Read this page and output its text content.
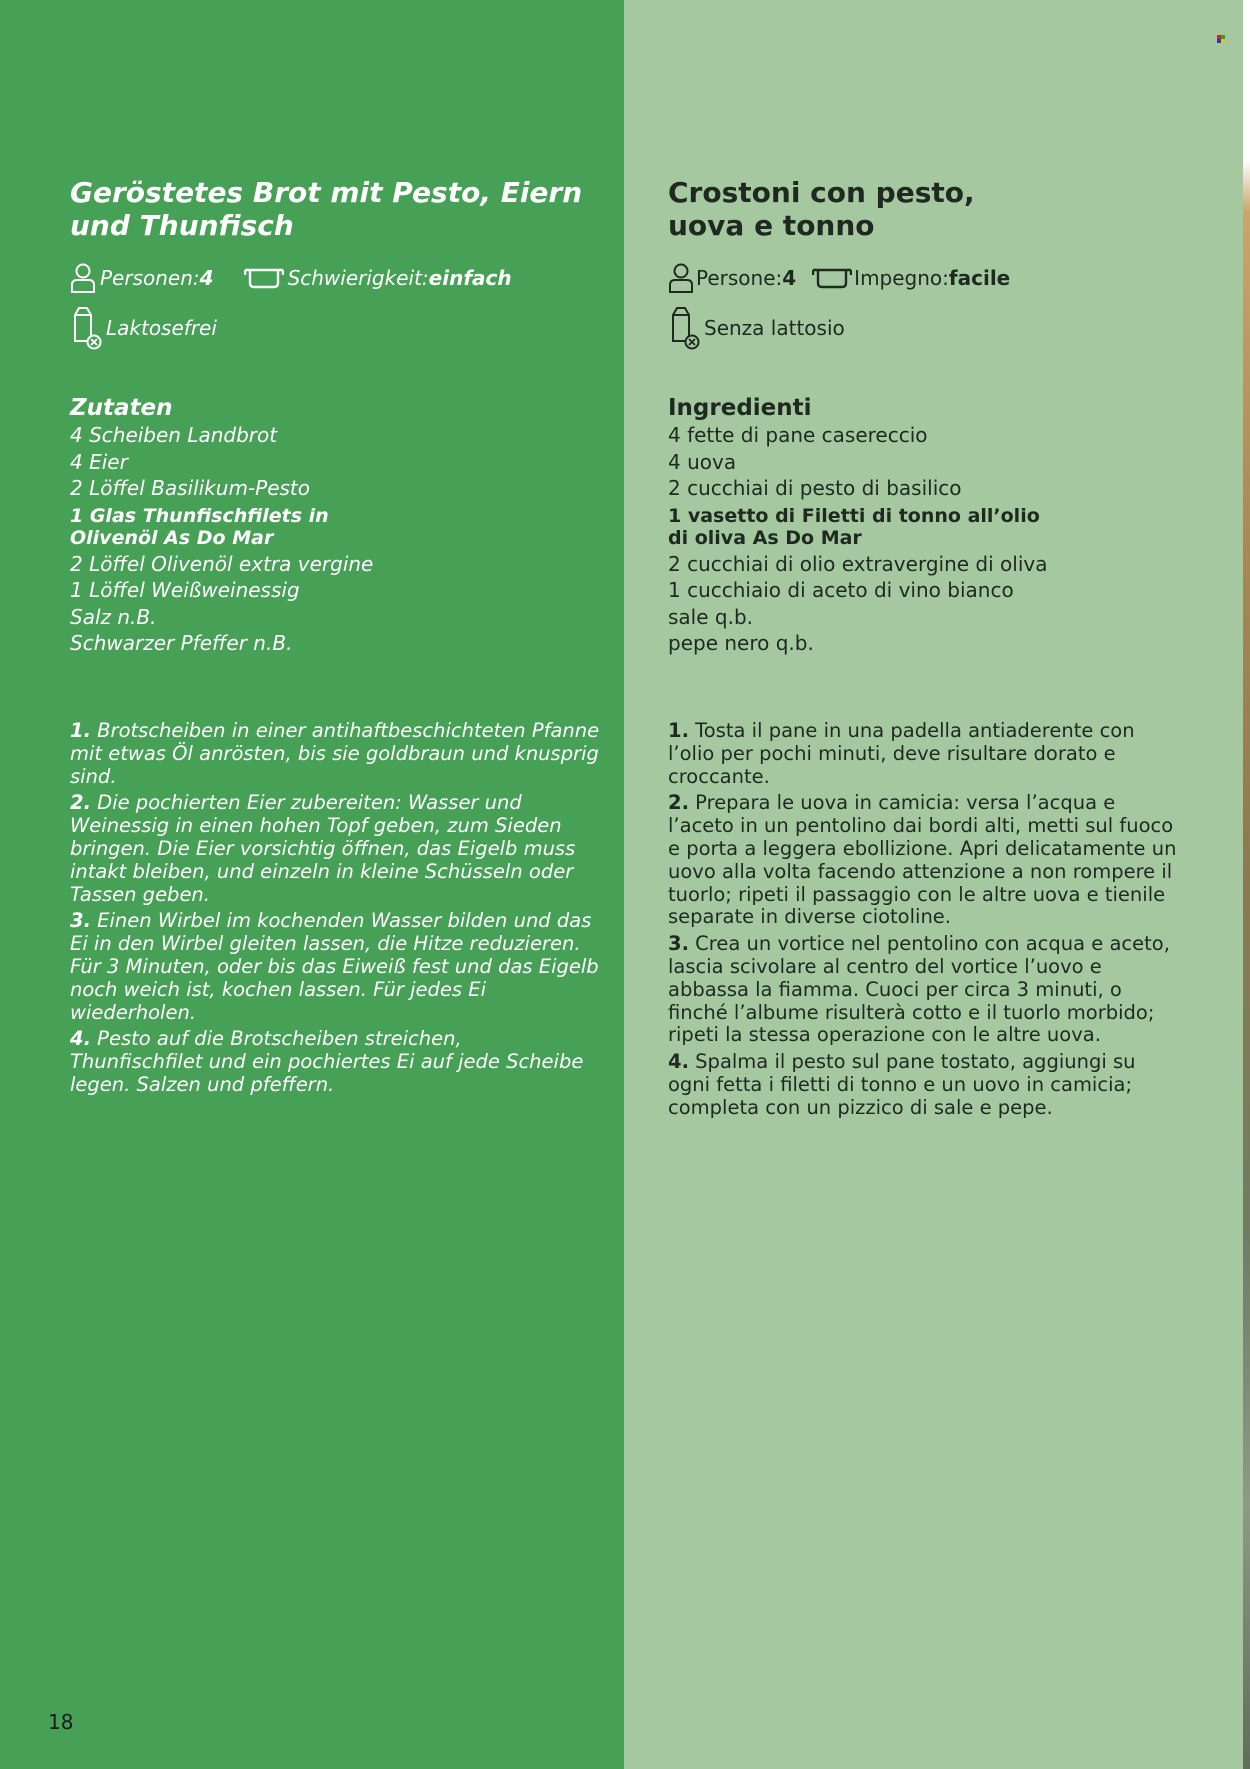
Geröstetes Brot mit Pesto, Eiern
und Thunfisch
Personen: 4	Schwierigkeit: einfach
Laktosefrei
Zutaten
4 Scheiben Landbrot
4 Eier
2 Löffel Basilikum-Pesto
1 Glas Thunfischfilets in Olivenöl As Do Mar
2 Löffel Olivenöl extra vergine
1 Löffel Weißweinessig
Salz n.B.
Schwarzer Pfeffer n.B.
1. Brotscheiben in einer antihaftbeschichteten Pfanne mit etwas Öl anrösten, bis sie goldbraun und knusprig sind.
2. Die pochierten Eier zubereiten: Wasser und Weinessig in einen hohen Topf geben, zum Sieden bringen. Die Eier vorsichtig öffnen, das Eigelb muss intakt bleiben, und einzeln in kleine Schüsseln oder Tassen geben.
3. Einen Wirbel im kochenden Wasser bilden und das Ei in den Wirbel gleiten lassen, die Hitze reduzieren. Für 3 Minuten, oder bis das Eiweiß fest und das Eigelb noch weich ist, kochen lassen. Für jedes Ei wiederholen.
4. Pesto auf die Brotscheiben streichen, Thunfischfilet und ein pochiertes Ei auf jede Scheibe legen. Salzen und pfeffern.
Crostoni con pesto,
uova e tonno
Persone: 4	Impegno: facile
Senza lattosio
Ingredienti
4 fette di pane casereccio
4 uova
2 cucchiai di pesto di basilico
1 vasetto di Filetti di tonno all’olio di oliva As Do Mar
2 cucchiai di olio extravergine di oliva
1 cucchiaio di aceto di vino bianco
sale q.b.
pepe nero q.b.
1. Tosta il pane in una padella antiaderente con l’olio per pochi minuti, deve risultare dorato e croccante.
2. Prepara le uova in camicia: versa l’acqua e l’aceto in un pentolino dai bordi alti, metti sul fuoco e porta a leggera ebollizione. Apri delicatamente un uovo alla volta facendo attenzione a non rompere il tuorlo; ripeti il passaggio con le altre uova e tienile separate in diverse ciotoline.
3. Crea un vortice nel pentolino con acqua e aceto, lascia scivolare al centro del vortice l’uovo e abbassa la fiamma. Cuoci per circa 3 minuti, o finché l’albume risulterà cotto e il tuorlo morbido; ripeti la stessa operazione con le altre uova.
4. Spalma il pesto sul pane tostato, aggiungi su ogni fetta i filetti di tonno e un uovo in camicia; completa con un pizzico di sale e pepe.
18
